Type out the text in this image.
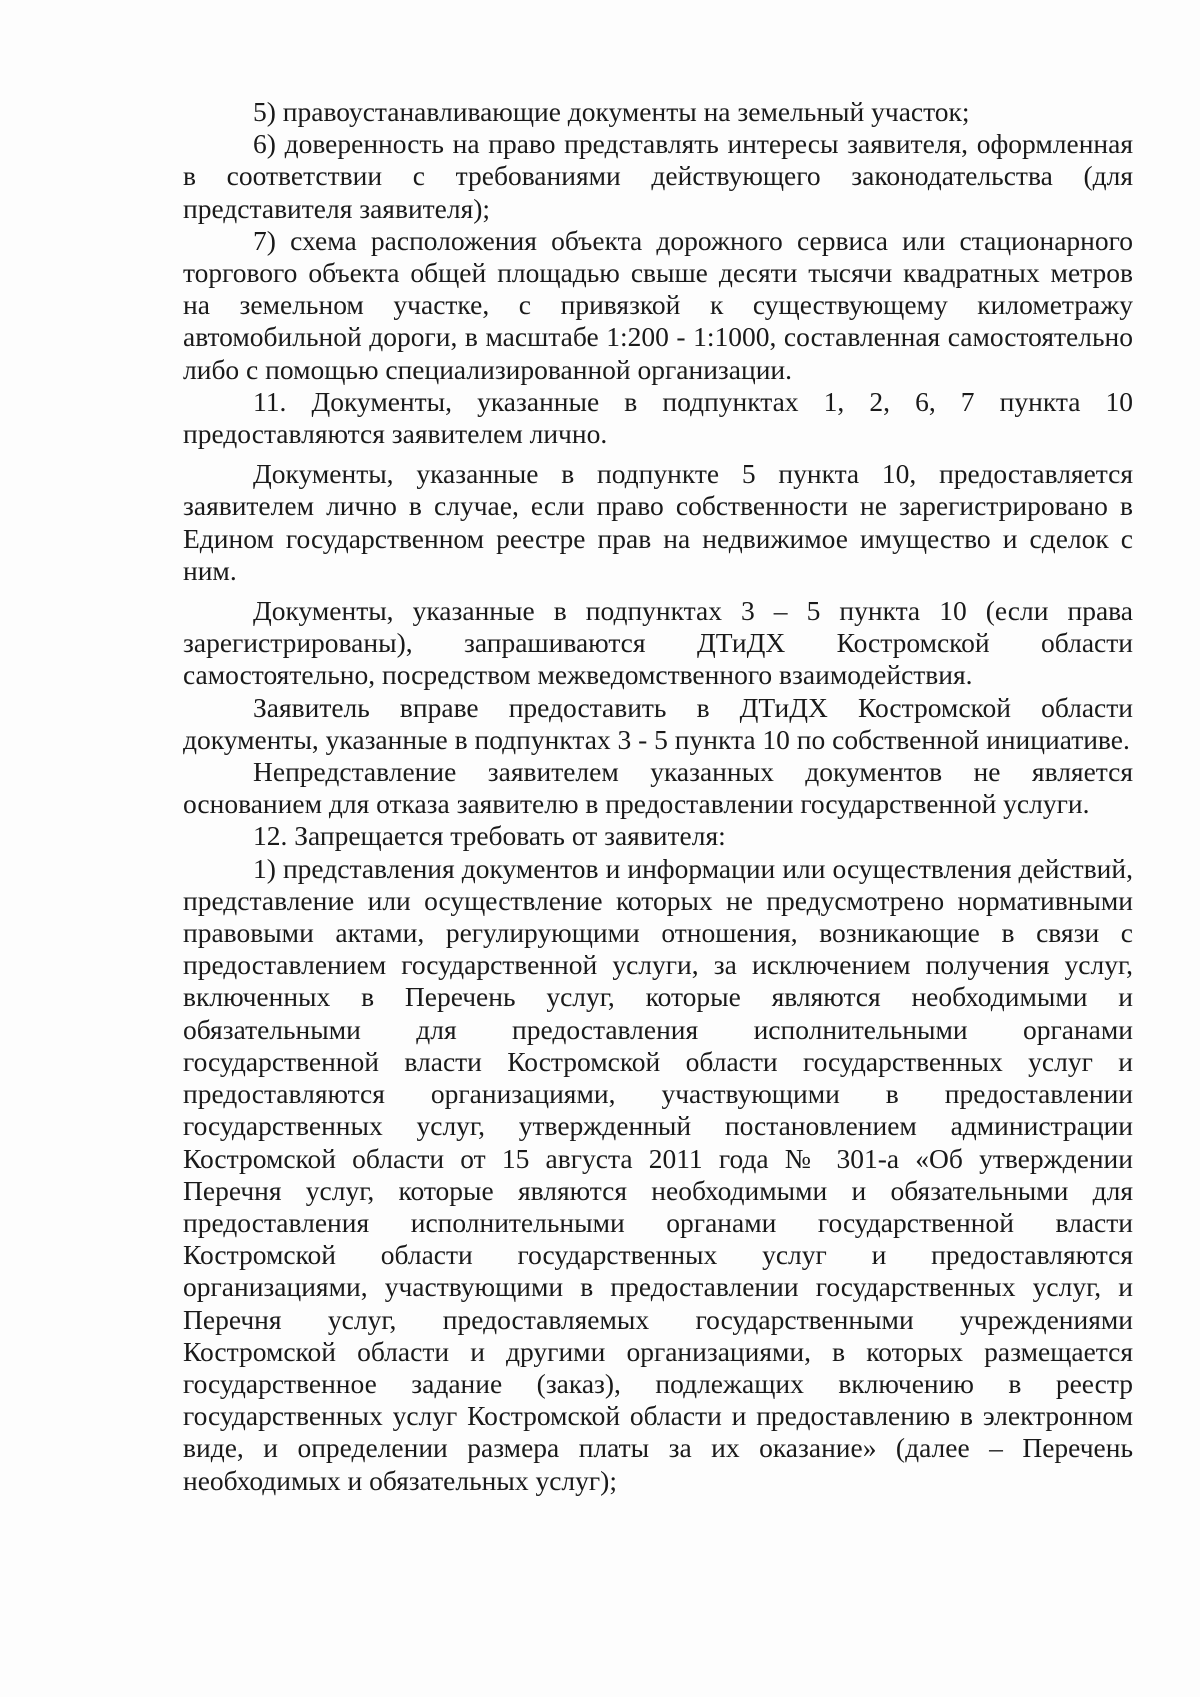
5) правоустанавливающие документы на земельный участок;

6) доверенность на право представлять интересы заявителя, оформленная в соответствии с требованиями действующего законодательства (для представителя заявителя);

7) схема расположения объекта дорожного сервиса или стационарного торгового объекта общей площадью свыше десяти тысячи квадратных метров на земельном участке, с привязкой к существующему километражу автомобильной дороги, в масштабе 1:200 - 1:1000, составленная самостоятельно либо с помощью специализированной организации.

11. Документы, указанные в подпунктах 1, 2, 6, 7 пункта 10 предоставляются заявителем лично.

Документы, указанные в подпункте 5 пункта 10, предоставляется заявителем лично в случае, если право собственности не зарегистрировано в Едином государственном реестре прав на недвижимое имущество и сделок с ним.

Документы, указанные в подпунктах 3 – 5 пункта 10 (если права зарегистрированы), запрашиваются ДТиДХ Костромской области самостоятельно, посредством межведомственного взаимодействия.

Заявитель вправе предоставить в ДТиДХ Костромской области документы, указанные в подпунктах 3 - 5 пункта 10 по собственной инициативе.

Непредставление заявителем указанных документов не является основанием для отказа заявителю в предоставлении государственной услуги.

12. Запрещается требовать от заявителя:

1) представления документов и информации или осуществления действий, представление или осуществление которых не предусмотрено нормативными правовыми актами, регулирующими отношения, возникающие в связи с предоставлением государственной услуги, за исключением получения услуг, включенных в Перечень услуг, которые являются необходимыми и обязательными для предоставления исполнительными органами государственной власти Костромской области государственных услуг и предоставляются организациями, участвующими в предоставлении государственных услуг, утвержденный постановлением администрации Костромской области от 15 августа 2011 года № 301-а «Об утверждении Перечня услуг, которые являются необходимыми и обязательными для предоставления исполнительными органами государственной власти Костромской области государственных услуг и предоставляются организациями, участвующими в предоставлении государственных услуг, и Перечня услуг, предоставляемых государственными учреждениями Костромской области и другими организациями, в которых размещается государственное задание (заказ), подлежащих включению в реестр государственных услуг Костромской области и предоставлению в электронном виде, и определении размера платы за их оказание» (далее – Перечень необходимых и обязательных услуг);
